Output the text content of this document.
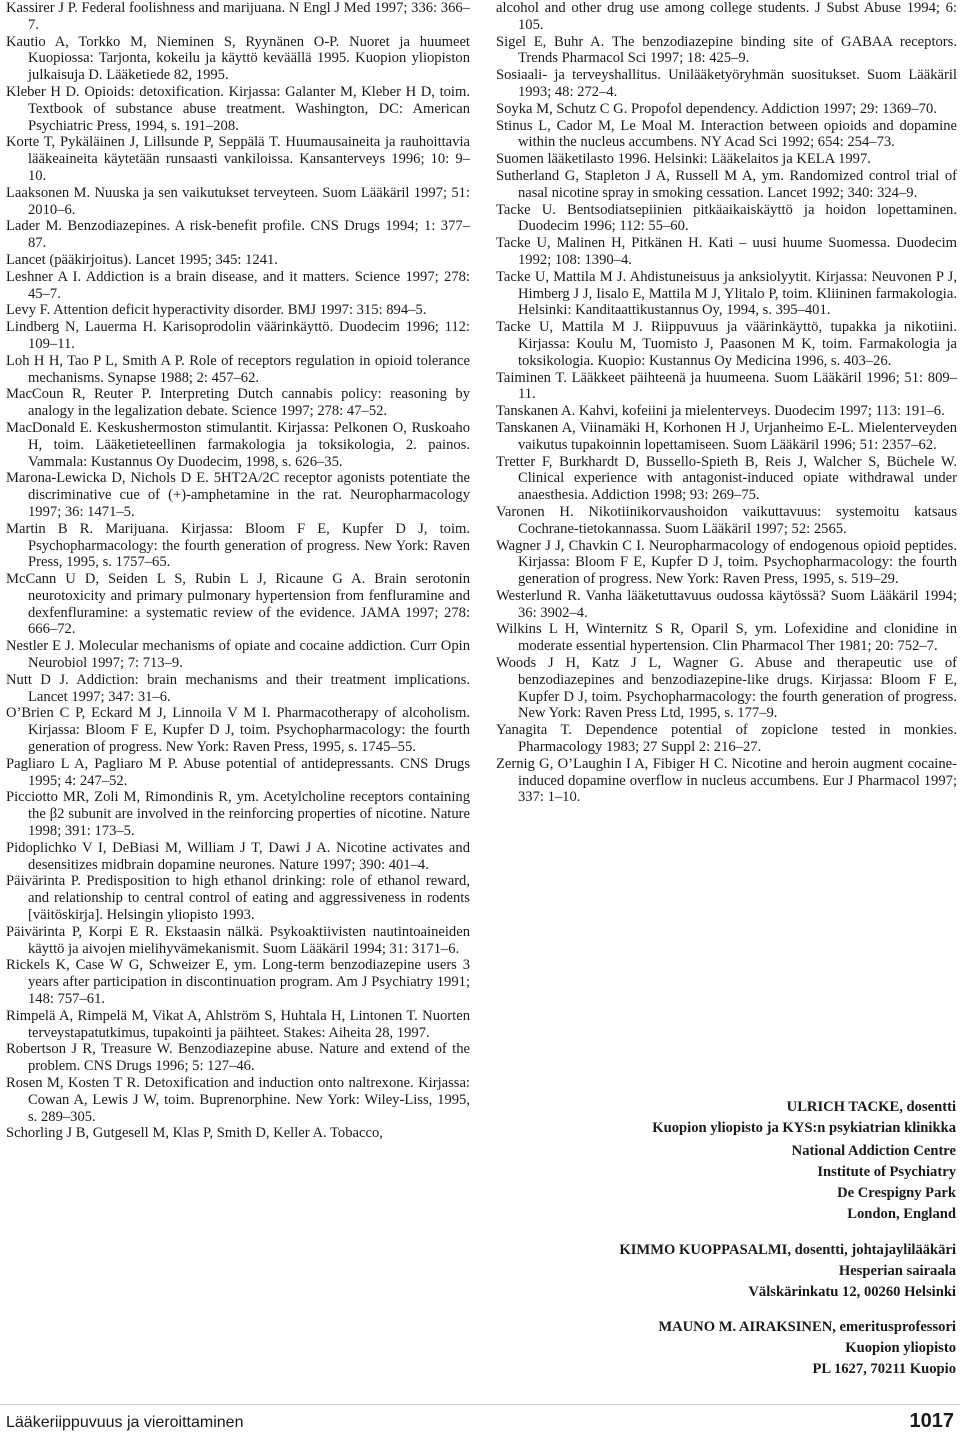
Kassirer J P. Federal foolishness and marijuana. N Engl J Med 1997; 336: 366–7.

Kautio A, Torkko M, Nieminen S, Ryynänen O-P. Nuoret ja huumeet Kuopiossa: Tarjonta, kokeilu ja käyttö keväällä 1995. Kuopion yliopiston julkaisuja D. Lääketiede 82, 1995.

Kleber H D. Opioids: detoxification. Kirjassa: Galanter M, Kleber H D, toim. Textbook of substance abuse treatment. Washington, DC: American Psychiatric Press, 1994, s. 191–208.

Korte T, Pykäläinen J, Lillsunde P, Seppälä T. Huumausaineita ja rauhoittavia lääkeaineita käytetään runsaasti vankiloissa. Kansanterveys 1996; 10: 9–10.

Laaksonen M. Nuuska ja sen vaikutukset terveyteen. Suom Lääkäril 1997; 51: 2010–6.

Lader M. Benzodiazepines. A risk-benefit profile. CNS Drugs 1994; 1: 377–87.

Lancet (pääkirjoitus). Lancet 1995; 345: 1241.

Leshner A I. Addiction is a brain disease, and it matters. Science 1997; 278: 45–7.

Levy F. Attention deficit hyperactivity disorder. BMJ 1997: 315: 894–5.

Lindberg N, Lauerma H. Karisoprodolin väärinkäyttö. Duodecim 1996; 112: 109–11.

Loh H H, Tao P L, Smith A P. Role of receptors regulation in opioid tolerance mechanisms. Synapse 1988; 2: 457–62.

MacCoun R, Reuter P. Interpreting Dutch cannabis policy: reasoning by analogy in the legalization debate. Science 1997; 278: 47–52.

MacDonald E. Keskushermoston stimulantit. Kirjassa: Pelkonen O, Ruskoaho H, toim. Lääketieteellinen farmakologia ja toksikologia, 2. painos. Vammala: Kustannus Oy Duodecim, 1998, s. 626–35.

Marona-Lewicka D, Nichols D E. 5HT2A/2C receptor agonists potentiate the discriminative cue of (+)-amphetamine in the rat. Neuropharmacology 1997; 36: 1471–5.

Martin B R. Marijuana. Kirjassa: Bloom F E, Kupfer D J, toim. Psychopharmacology: the fourth generation of progress. New York: Raven Press, 1995, s. 1757–65.

McCann U D, Seiden L S, Rubin L J, Ricaune G A. Brain serotonin neurotoxicity and primary pulmonary hypertension from fenfluramine and dexfenfluramine: a systematic review of the evidence. JAMA 1997; 278: 666–72.

Nestler E J. Molecular mechanisms of opiate and cocaine addiction. Curr Opin Neurobiol 1997; 7: 713–9.

Nutt D J. Addiction: brain mechanisms and their treatment implications. Lancet 1997; 347: 31–6.

O’Brien C P, Eckard M J, Linnoila V M I. Pharmacotherapy of alcoholism. Kirjassa: Bloom F E, Kupfer D J, toim. Psychopharmacology: the fourth generation of progress. New York: Raven Press, 1995, s. 1745–55.

Pagliaro L A, Pagliaro M P. Abuse potential of antidepressants. CNS Drugs 1995; 4: 247–52.

Picciotto MR, Zoli M, Rimondinis R, ym. Acetylcholine receptors containing the β2 subunit are involved in the reinforcing properties of nicotine. Nature 1998; 391: 173–5.

Pidoplichko V I, DeBiasi M, William J T, Dawi J A. Nicotine activates and desensitizes midbrain dopamine neurones. Nature 1997; 390: 401–4.

Päivärinta P. Predisposition to high ethanol drinking: role of ethanol reward, and relationship to central control of eating and aggressiveness in rodents [väitöskirja]. Helsingin yliopisto 1993.

Päivärinta P, Korpi E R. Ekstaasin nälkä. Psykoaktiivisten nautintoaineiden käyttö ja aivojen mielihyvämekanismit. Suom Lääkäril 1994; 31: 3171–6.

Rickels K, Case W G, Schweizer E, ym. Long-term benzodiazepine users 3 years after participation in discontinuation program. Am J Psychiatry 1991; 148: 757–61.

Rimpelä A, Rimpelä M, Vikat A, Ahlström S, Huhtala H, Lintonen T. Nuorten terveystapatutkimus, tupakointi ja päihteet. Stakes: Aiheita 28, 1997.

Robertson J R, Treasure W. Benzodiazepine abuse. Nature and extend of the problem. CNS Drugs 1996; 5: 127–46.

Rosen M, Kosten T R. Detoxification and induction onto naltrexone. Kirjassa: Cowan A, Lewis J W, toim. Buprenorphine. New York: Wiley-Liss, 1995, s. 289–305.

Schorling J B, Gutgesell M, Klas P, Smith D, Keller A. Tobacco,

alcohol and other drug use among college students. J Subst Abuse 1994; 6: 105.

Sigel E, Buhr A. The benzodiazepine binding site of GABAA receptors. Trends Pharmacol Sci 1997; 18: 425–9.

Sosiaali- ja terveyshallitus. Unilääketyöryhmän suositukset. Suom Lääkäril 1993; 48: 272–4.

Soyka M, Schutz C G. Propofol dependency. Addiction 1997; 29: 1369–70.

Stinus L, Cador M, Le Moal M. Interaction between opioids and dopamine within the nucleus accumbens. NY Acad Sci 1992; 654: 254–73.

Suomen lääketilasto 1996. Helsinki: Lääkelaitos ja KELA 1997.

Sutherland G, Stapleton J A, Russell M A, ym. Randomized control trial of nasal nicotine spray in smoking cessation. Lancet 1992; 340: 324–9.

Tacke U. Bentsodiatsepiinien pitkäaikaiskäyttö ja hoidon lopettaminen. Duodecim 1996; 112: 55–60.

Tacke U, Malinen H, Pitkänen H. Kati – uusi huume Suomessa. Duodecim 1992; 108: 1390–4.

Tacke U, Mattila M J. Ahdistuneisuus ja anksiolyytit. Kirjassa: Neuvonen P J, Himberg J J, Iisalo E, Mattila M J, Ylitalo P, toim. Kliininen farmakologia. Helsinki: Kanditaattikustannus Oy, 1994, s. 395–401.

Tacke U, Mattila M J. Riippuvuus ja väärinkäyttö, tupakka ja nikotiini. Kirjassa: Koulu M, Tuomisto J, Paasonen M K, toim. Farmakologia ja toksikologia. Kuopio: Kustannus Oy Medicina 1996, s. 403–26.

Taiminen T. Lääkkeet päihteenä ja huumeena. Suom Lääkäril 1996; 51: 809–11.

Tanskanen A. Kahvi, kofeiini ja mielenterveys. Duodecim 1997; 113: 191–6.

Tanskanen A, Viinamäki H, Korhonen H J, Urjanheimo E-L. Mielenterveyden vaikutus tupakoinnin lopettamiseen. Suom Lääkäril 1996; 51: 2357–62.

Tretter F, Burkhardt D, Bussello-Spieth B, Reis J, Walcher S, Büchele W. Clinical experience with antagonist-induced opiate withdrawal under anaesthesia. Addiction 1998; 93: 269–75.

Varonen H. Nikotiinikorvaushoidon vaikuttavuus: systemoitu katsaus Cochrane-tietokannassa. Suom Lääkäril 1997; 52: 2565.

Wagner J J, Chavkin C I. Neuropharmacology of endogenous opioid peptides. Kirjassa: Bloom F E, Kupfer D J, toim. Psychopharmacology: the fourth generation of progress. New York: Raven Press, 1995, s. 519–29.

Westerlund R. Vanha lääketuttavuus oudossa käytössä? Suom Lääkäril 1994; 36: 3902–4.

Wilkins L H, Winternitz S R, Oparil S, ym. Lofexidine and clonidine in moderate essential hypertension. Clin Pharmacol Ther 1981; 20: 752–7.

Woods J H, Katz J L, Wagner G. Abuse and therapeutic use of benzodiazepines and benzodiazepine-like drugs. Kirjassa: Bloom F E, Kupfer D J, toim. Psychopharmacology: the fourth generation of progress. New York: Raven Press Ltd, 1995, s. 177–9.

Yanagita T. Dependence potential of zopiclone tested in monkies. Pharmacology 1983; 27 Suppl 2: 216–27.

Zernig G, O’Laughin I A, Fibiger H C. Nicotine and heroin augment cocaine-induced dopamine overflow in nucleus accumbens. Eur J Pharmacol 1997; 337: 1–10.

ULRICH TACKE, dosentti
Kuopion yliopisto ja KYS:n psykiatrian klinikka
National Addiction Centre
Institute of Psychiatry
De Crespigny Park
London, England
KIMMO KUOPPASALMI, dosentti, johtajaylilääkäri
Hesperian sairaala
Välskärinkatu 12, 00260 Helsinki
MAUNO M. AIRAKSINEN, emeritusprofessori
Kuopion yliopisto
PL 1627, 70211 Kuopio
Lääkeriippuvuus ja vieroittaminen	1017
